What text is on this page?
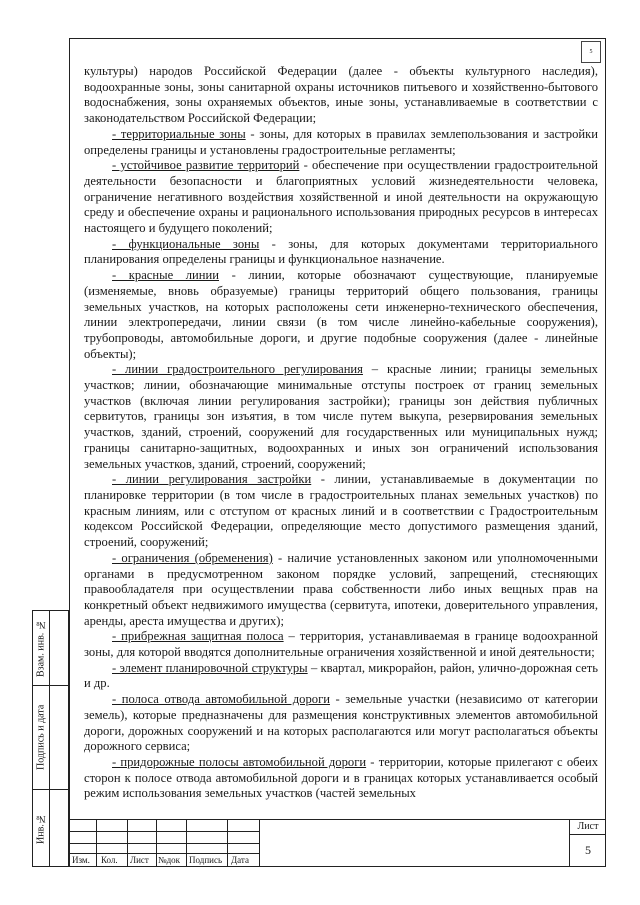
5

культуры) народов Российской Федерации (далее - объекты культурного наследия), водоохранные зоны, зоны санитарной охраны источников питьевого и хозяйственно-бытового водоснабжения, зоны охраняемых объектов, иные зоны, устанавливаемые в соответствии с законодательством Российской Федерации;

- территориальные зоны - зоны, для которых в правилах землепользования и застройки определены границы и установлены градостроительные регламенты;

- устойчивое развитие территорий - обеспечение при осуществлении градостроительной деятельности безопасности и благоприятных условий жизнедеятельности человека, ограничение негативного воздействия хозяйственной и иной деятельности на окружающую среду и обеспечение охраны и рационального использования природных ресурсов в интересах настоящего и будущего поколений;

- функциональные зоны - зоны, для которых документами территориального планирования определены границы и функциональное назначение.

- красные линии - линии, которые обозначают существующие, планируемые (изменяемые, вновь образуемые) границы территорий общего пользования, границы земельных участков, на которых расположены сети инженерно-технического обеспечения, линии электропередачи, линии связи (в том числе линейно-кабельные сооружения), трубопроводы, автомобильные дороги, и другие подобные сооружения (далее - линейные объекты);

- линии градостроительного регулирования – красные линии; границы земельных участков; линии, обозначающие минимальные отступы построек от границ земельных участков (включая линии регулирования застройки); границы зон действия публичных сервитутов, границы зон изъятия, в том числе путем выкупа, резервирования земельных участков, зданий, строений, сооружений для государственных или муниципальных нужд; границы санитарно-защитных, водоохранных и иных зон ограничений использования земельных участков, зданий, строений, сооружений;

- линии регулирования застройки - линии, устанавливаемые в документации по планировке территории (в том числе в градостроительных планах земельных участков) по красным линиям, или с отступом от красных линий и в соответствии с Градостроительным кодексом Российской Федерации, определяющие место допустимого размещения зданий, строений, сооружений;

- ограничения (обременения) - наличие установленных законом или уполномоченными органами в предусмотренном законом порядке условий, запрещений, стесняющих правообладателя при осуществлении права собственности либо иных вещных прав на конкретный объект недвижимого имущества (сервитута, ипотеки, доверительного управления, аренды, ареста имущества и других);

- прибрежная защитная полоса – территория, устанавливаемая в границе водоохранной зоны, для которой вводятся дополнительные ограничения хозяйственной и иной деятельности;

- элемент планировочной структуры – квартал, микрорайон, район, улично-дорожная сеть и др.

- полоса отвода автомобильной дороги - земельные участки (независимо от категории земель), которые предназначены для размещения конструктивных элементов автомобильной дороги, дорожных сооружений и на которых располагаются или могут располагаться объекты дорожного сервиса;

- придорожные полосы автомобильной дороги - территории, которые прилегают с обеих сторон к полосе отвода автомобильной дороги и в границах которых устанавливается особый режим использования земельных участков (частей земельных

Взам. инв. №
Подпись и дата
Инв.№
Изм. Кол. Лист №док Подпись Дата
Лист
5
